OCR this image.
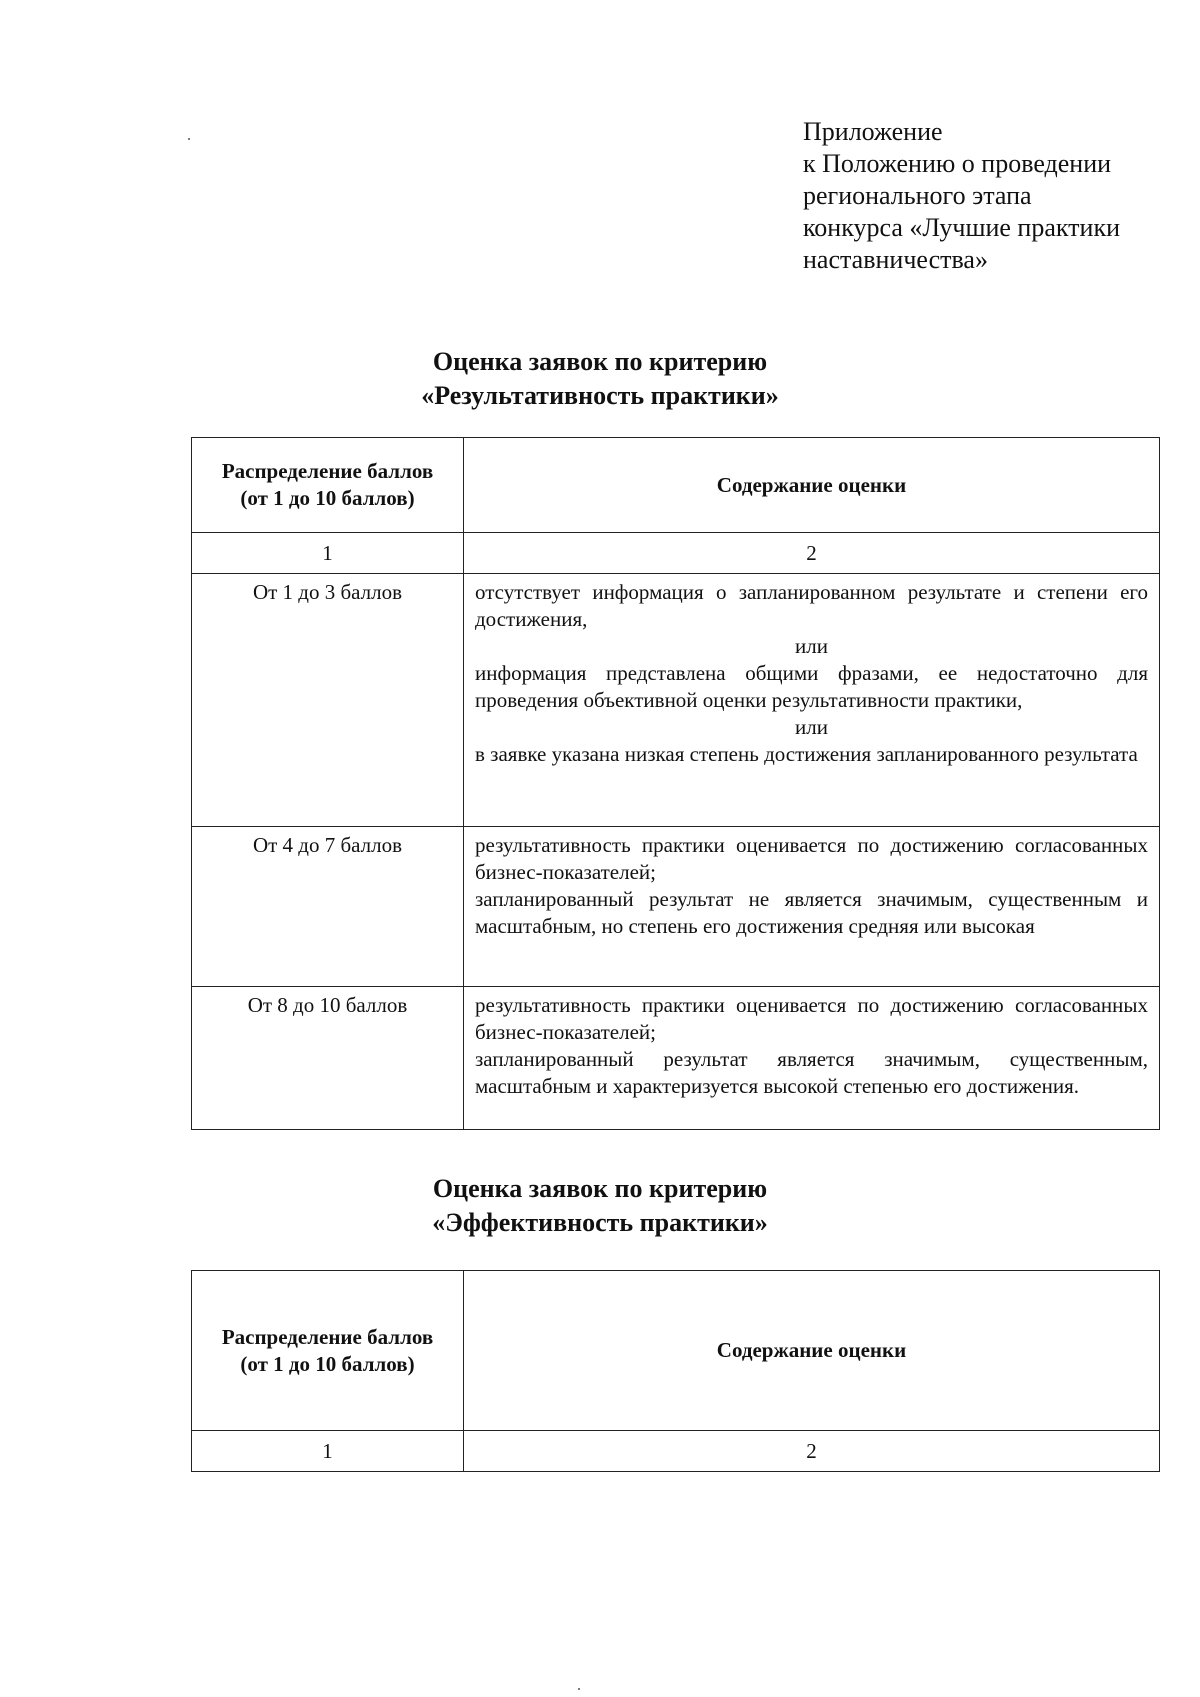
Приложение
к Положению о проведении
регионального этапа
конкурса «Лучшие практики
наставничества»
Оценка заявок по критерию
«Результативность практики»
Распределение баллов
(от 1 до 10 баллов)	Содержание оценки
1	2
От 1 до 3 баллов	отсутствует информация о запланированном результате и степени его достижения,
или
информация представлена общими фразами, ее недостаточно для проведения объективной оценки результативности практики,
или
в заявке указана низкая степень достижения запланированного результата

От 4 до 7 баллов	результативность практики оценивается по достижению согласованных бизнес-показателей;
запланированный результат не является значимым, существенным и масштабным, но степень его достижения средняя или высокая

От 8 до 10 баллов	результативность практики оценивается по достижению согласованных бизнес-показателей;
запланированный результат является значимым, существенным, масштабным и характеризуется высокой степенью его достижения.
Оценка заявок по критерию
«Эффективность практики»
Распределение баллов
(от 1 до 10 баллов)	Содержание оценки
1	2
